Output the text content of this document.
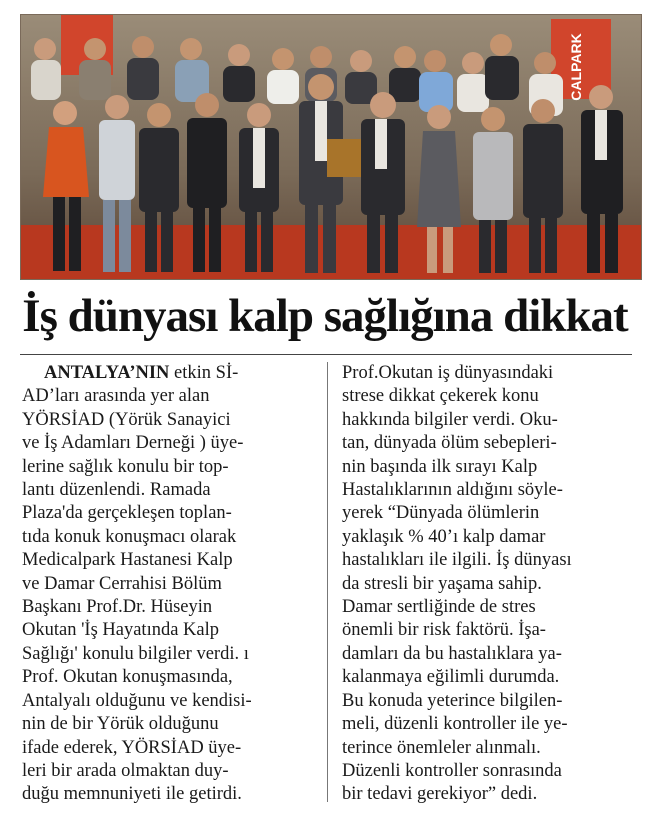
CALPARK
İş dünyası kalp sağlığına dikkat
ANTALYA’NIN etkin Sİ-
AD’ları arasında yer alan
YÖRSİAD (Yörük Sanayici
ve İş Adamları Derneği ) üye-
lerine sağlık konulu bir top-
lantı düzenlendi. Ramada
Plaza'da gerçekleşen toplan-
tıda konuk konuşmacı olarak
Medicalpark Hastanesi Kalp
ve Damar Cerrahisi Bölüm
Başkanı Prof.Dr. Hüseyin
Okutan 'İş Hayatında Kalp
Sağlığı' konulu bilgiler verdi. ı
Prof. Okutan konuşmasında,
Antalyalı olduğunu ve kendisi-
nin de bir Yörük olduğunu
ifade ederek, YÖRSİAD üye-
leri bir arada olmaktan duy-
duğu memnuniyeti ile getirdi.
Prof.Okutan iş dünyasındaki
strese dikkat çekerek konu
hakkında bilgiler verdi. Oku-
tan, dünyada ölüm sebepleri-
nin başında ilk sırayı Kalp
Hastalıklarının aldığını söyle-
yerek “Dünyada ölümlerin
yaklaşık % 40’ı kalp damar
hastalıkları ile ilgili. İş dünyası
da stresli bir yaşama sahip.
Damar sertliğinde de stres
önemli bir risk faktörü. İşa-
damları da bu hastalıklara ya-
kalanmaya eğilimli durumda.
Bu konuda yeterince bilgilen-
meli, düzenli kontroller ile ye-
terince önemleler alınmalı.
Düzenli kontroller sonrasında
bir tedavi gerekiyor” dedi.
